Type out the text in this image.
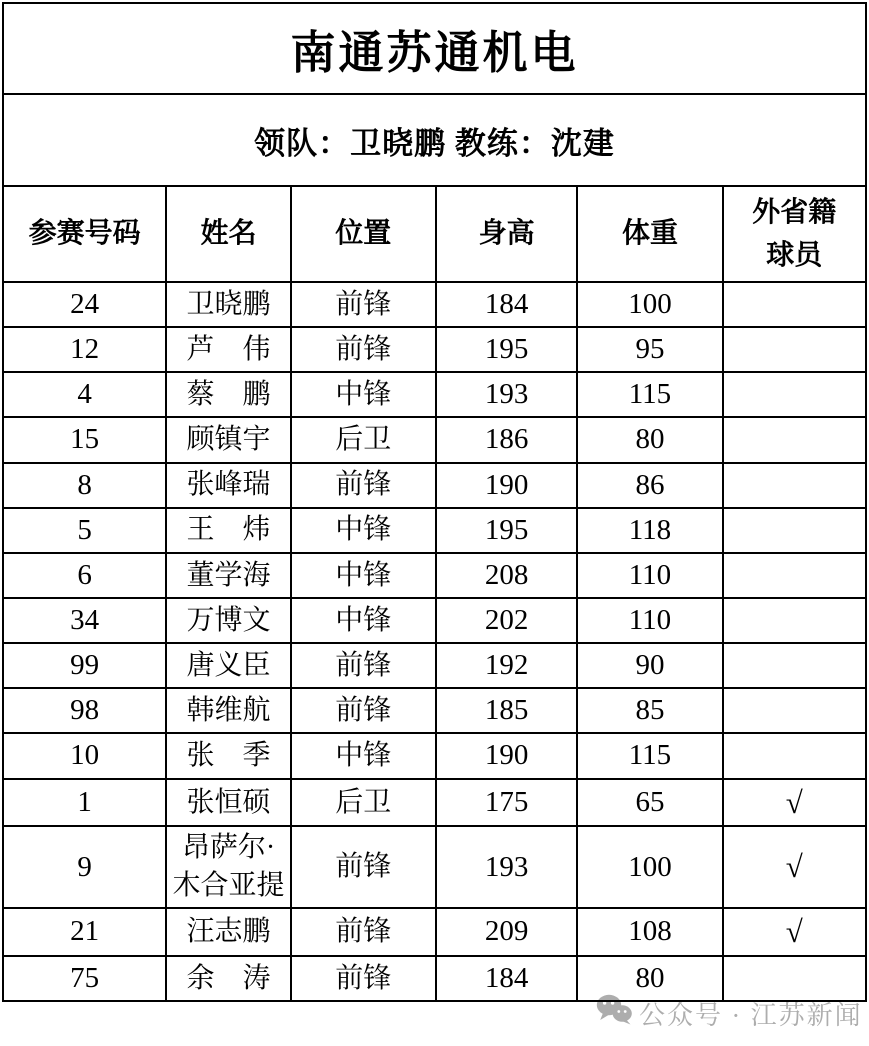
公众号 · 江苏新闻
南通苏通机电					
领队：卫晓鹏 教练：沈建					
参赛号码	姓名	位置	身高	体重	外省籍球员
24	卫晓鹏	前锋	184	100	
12	芦　伟	前锋	195	95	
4	蔡　鹏	中锋	193	115	
15	顾镇宇	后卫	186	80	
8	张峰瑞	前锋	190	86	
5	王　炜	中锋	195	118	
6	董学海	中锋	208	110	
34	万博文	中锋	202	110	
99	唐义臣	前锋	192	90	
98	韩维航	前锋	185	85	
10	张　季	中锋	190	115	
1	张恒硕	后卫	175	65	√
9	昂萨尔·木合亚提	前锋	193	100	√
21	汪志鹏	前锋	209	108	√
75	余　涛	前锋	184	80	
